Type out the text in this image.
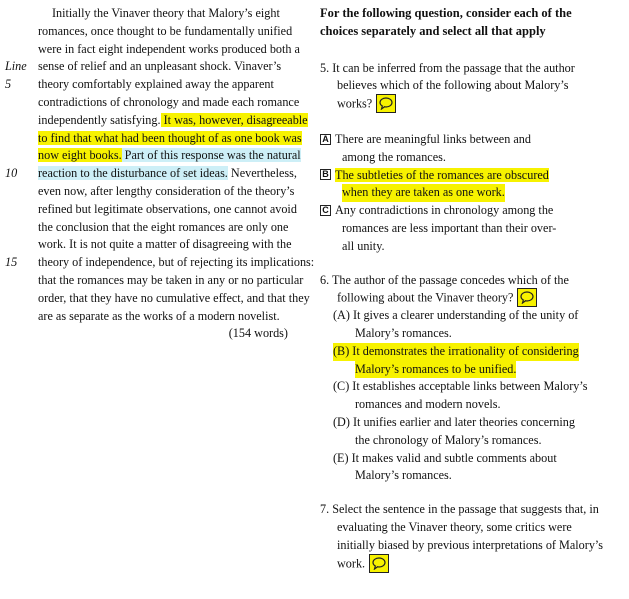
Initially the Vinaver theory that Malory’s eight
romances, once thought to be fundamentally unified
were in fact eight independent works produced both a
Line sense of relief and an unpleasant shock. Vinaver’s
5 theory comfortably explained away the apparent
contradictions of chronology and made each romance
independently satisfying. It was, however, disagreeable
to find that what had been thought of as one book was
now eight books. Part of this response was the natural
10 reaction to the disturbance of set ideas. Nevertheless,
even now, after lengthy consideration of the theory’s
refined but legitimate observations, one cannot avoid
the conclusion that the eight romances are only one
work. It is not quite a matter of disagreeing with the
15 theory of independence, but of rejecting its implications:
that the romances may be taken in any or no particular
order, that they have no cumulative effect, and that they
are as separate as the works of a modern novelist.
(154 words)
For the following question, consider each of the
choices separately and select all that apply
5. It can be inferred from the passage that the author
believes which of the following about Malory’s
works?
A There are meaningful links between and
among the romances.
B The subtleties of the romances are obscured
when they are taken as one work.
C Any contradictions in chronology among the
romances are less important than their over-
all unity.
6. The author of the passage concedes which of the
following about the Vinaver theory?
(A) It gives a clearer understanding of the unity of
Malory’s romances.
(B) It demonstrates the irrationality of considering
Malory’s romances to be unified.
(C) It establishes acceptable links between Malory’s
romances and modern novels.
(D) It unifies earlier and later theories concerning
the chronology of Malory’s romances.
(E) It makes valid and subtle comments about
Malory’s romances.
7. Select the sentence in the passage that suggests that, in
evaluating the Vinaver theory, some critics were
initially biased by previous interpretations of Malory’s
work.
